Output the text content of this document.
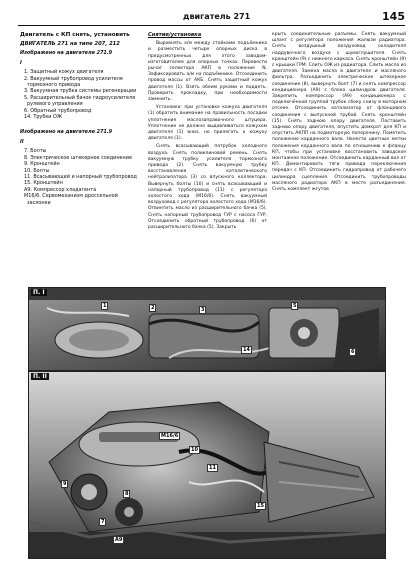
двигатель 271	145
Двигатель с КП снять, установить
ДВИГАТЕЛЬ 271 на типе 207, 212
Изображено на двигателе 271.9
I
1. Защитный кожух двигателя
2. Вакуумный трубопровод усилителя тормозного привода
3. Вакуумная трубка системы регенерации
5. Расширительный бачок гидроусилителя рулевого управления
6. Обратный трубопровод
14. Трубки ОЖ
Изображено на двигателе 271.9
II
7. Болты
8. Электрическое штекерное соединение
9. Кронштейн
10. Болты
11. Всасывающий и напорный трубопровод
15. Кронштейн
A9. Компрессор хладагента
M16/6. Сервомеханизм дроссельной заслонки
Снятие/установка

Выровнять а/м между стойками подъёмника и разместить четыре опорных диска в предусмотренных для этого заводом-изготовителем для опорных точках. Перевести рычаг селектора АКП в положение N. Зафиксировать а/м на подъёмнике. Отсоединить провод массы от АКБ. Снять защитный кожух двигателя (1). Взять обеим руками и поддеть. Проверить прокладку, при необходимости заменить.

Установка: при установке кожуха двигателя (1) обратить внимание на правильность посадки уплотнения маслозаправочного штуцера. Уплотнение не должно выдавливаться кожухом двигателя (1) вниз, но прилегать к кожуху двигателя (1).

Снять всасывающий патрубок холодного воздуха. Снять поликлиновой ремень. Снять вакуумную трубку усилителя тормозного привода (2). Снять вакуумную трубку восстановления каталитического нейтрализатора (3) со впускного коллектора. Вывернуть болты (10) и снять всасывающий и напорный трубопровод (11) с регулятора холостого хода (M16/6). Снять вакуумный воздуховод с регулятора холостого хода (M16/6). Отвинтить масло из расширительного бачка (5). Снять напорный трубопровод ГУР с насоса ГУР. Отсоединить обратный трубопровод (6) от расширительного бачка (5). Закрыть

крыть соединительные разъемы. Снять вакуумный шланг с регулятора положения жалюзи радиатора. Снять воздушный воздуховод охладителя наддувочного воздуха с шумоглушителя. Снять кронштейн (9) с нижнего каркаса. Снять кронштейн (9) с крышки ГРМ. Слить ОЖ из радиатора. Слить масло из двигателя. Замена масла в двигателе и масляного фильтра. Разъединить электрическое штекерное соединение (8), вывернуть болт (7) и снять компрессор кондиционера (A9) с блока цилиндров двигателя. Закрепить компрессор (A9) кондиционера с подключённой группой трубок сбоку снизу в моторном отсеке. Отсоединить катализатор от фланцевого соединения с выпускной трубой. Снять кронштейн (15). Снять заднюю опору двигателя. Поставить заднюю опору двигателя, опустить домкрат для КП и опустить АКПП на подмоторную поперечину. Пометить положение карданного вала. Нанести цветные метки положения карданного вала по отношению к фланцу КП, чтобы при установке восстановить заводское монтажное положение. Отсоединить карданный вал от КП. Демонтировать тяги привода переключения передач с КП. Отсоединить гидропровод от рабочего цилиндра сцепления. Отсоединить трубопроводы масляного радиатора АКП в месте разъединения. Снять комплект жгутов

П. I
1	2	3
14
5
6
П. II
M16/6
10
11
8
7
9
15
A9
